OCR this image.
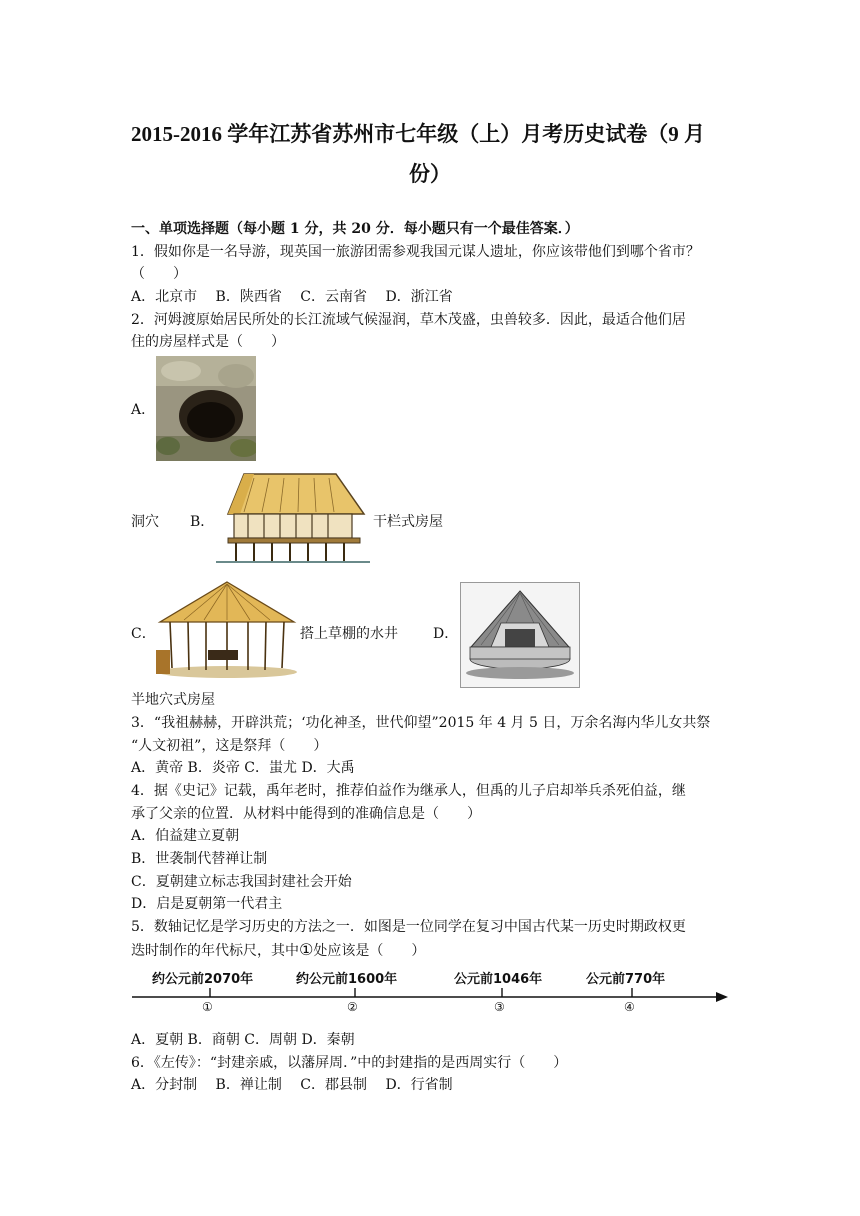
2015-2016 学年江苏省苏州市七年级（上）月考历史试卷（9 月
份）
一、单项选择题（每小题 1 分，共 20 分．每小题只有一个最佳答案．）
1．假如你是一名导游，现英国一旅游团需参观我国元谋人遗址，你应该带他们到哪个省市？
（　　）
A．北京市　 B．陕西省　 C．云南省　 D．浙江省
2．河姆渡原始居民所处的长江流域气候湿润，草木茂盛，虫兽较多．因此，最适合他们居
住的房屋样式是（　　）
A．
洞穴 B．	干栏式房屋
C．	搭上草棚的水井	D．
半地穴式房屋
3．“我祖赫赫，开辟洪荒；‘功化神圣，世代仰望”2015 年 4 月 5 日，万余名海内华儿女共祭
“人文初祖”，这是祭拜（　　）
A．黄帝 B．炎帝 C．蚩尤 D．大禹
4．据《史记》记载，禹年老时，推荐伯益作为继承人，但禹的儿子启却举兵杀死伯益，继
承了父亲的位置．从材料中能得到的准确信息是（　　）
A．伯益建立夏朝
B．世袭制代替禅让制
C．夏朝建立标志我国封建社会开始
D．启是夏朝第一代君主
5．数轴记忆是学习历史的方法之一．如图是一位同学在复习中国古代某一历史时期政权更
迭时制作的年代标尺，其中①处应该是（　　）
约公元前2070年	约公元前1600年	公元前1046年	公元前770年
①	②	③	④
A．夏朝 B．商朝 C．周朝 D．秦朝
6．《左传》：“封建亲戚，以藩屏周．”中的封建指的是西周实行（　　）
A．分封制　 B．禅让制　 C．郡县制　 D．行省制
